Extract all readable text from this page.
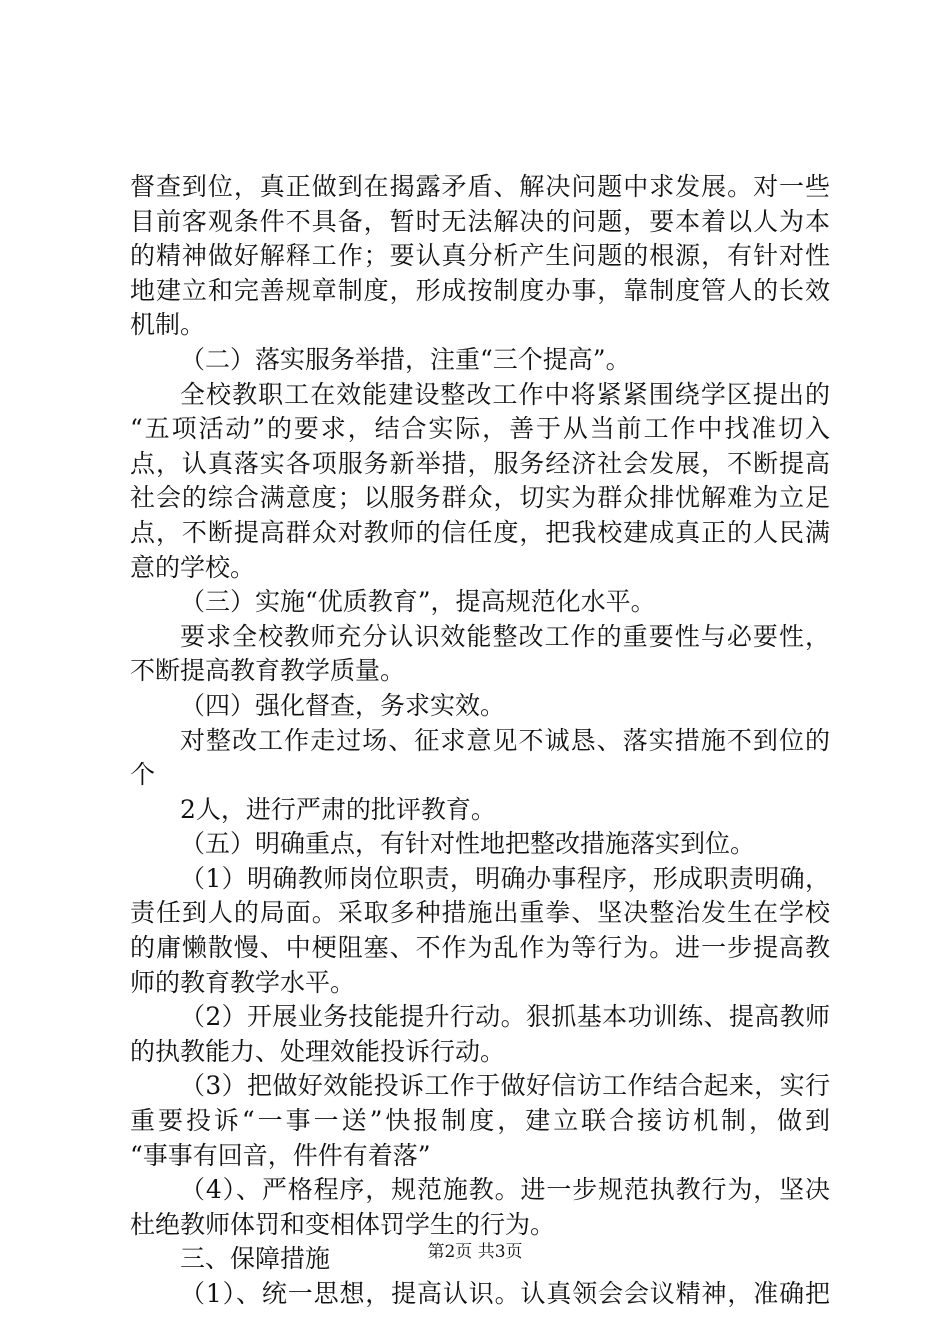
督查到位，真正做到在揭露矛盾、解决问题中求发展。对一些
目前客观条件不具备，暂时无法解决的问题，要本着以人为本
的精神做好解释工作；要认真分析产生问题的根源，有针对性
地建立和完善规章制度，形成按制度办事，靠制度管人的长效
机制。
（二）落实服务举措，注重“三个提高”。
全校教职工在效能建设整改工作中将紧紧围绕学区提出的
“五项活动”的要求，结合实际，善于从当前工作中找准切入
点，认真落实各项服务新举措，服务经济社会发展，不断提高
社会的综合满意度；以服务群众，切实为群众排忧解难为立足
点，不断提高群众对教师的信任度，把我校建成真正的人民满
意的学校。
（三）实施“优质教育”，提高规范化水平。
要求全校教师充分认识效能整改工作的重要性与必要性，
不断提高教育教学质量。
（四）强化督查，务求实效。
对整改工作走过场、征求意见不诚恳、落实措施不到位的
个
2人，进行严肃的批评教育。
（五）明确重点，有针对性地把整改措施落实到位。
（1）明确教师岗位职责，明确办事程序，形成职责明确，
责任到人的局面。采取多种措施出重拳、坚决整治发生在学校
的庸懒散慢、中梗阻塞、不作为乱作为等行为。进一步提高教
师的教育教学水平。
（2）开展业务技能提升行动。狠抓基本功训练、提高教师
的执教能力、处理效能投诉行动。
（3）把做好效能投诉工作于做好信访工作结合起来，实行
重要投诉“一事一送”快报制度，建立联合接访机制，做到
“事事有回音，件件有着落”
（4）、严格程序，规范施教。进一步规范执教行为，坚决
杜绝教师体罚和变相体罚学生的行为。
三、保障措施
（1）、统一思想，提高认识。认真领会会议精神，准确把
第2页 共3页
